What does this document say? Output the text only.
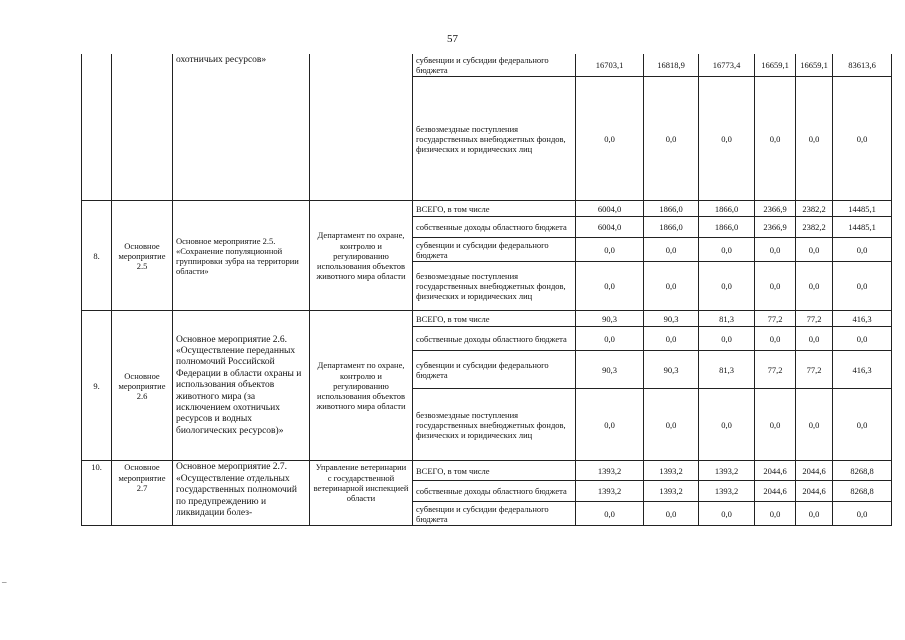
57
		охотничьих ресурсов»		субвенции и субсидии федерального бюджета	16703,1	16818,9	16773,4	16659,1	16659,1	83613,6
				безвозмездные поступления государственных внебюджетных фондов, физических и юридических лиц	0,0	0,0	0,0	0,0	0,0	0,0
8.	Основное мероприятие 2.5	Основное мероприятие 2.5. «Сохранение популяционной группировки зубра на территории области»	Департамент по охране, контролю и регулированию использования объектов животного мира области	ВСЕГО, в том числе	6004,0	1866,0	1866,0	2366,9	2382,2	14485,1
				собственные доходы областного бюджета	6004,0	1866,0	1866,0	2366,9	2382,2	14485,1
				субвенции и субсидии федерального бюджета	0,0	0,0	0,0	0,0	0,0	0,0
				безвозмездные поступления государственных внебюджетных фондов, физических и юридических лиц	0,0	0,0	0,0	0,0	0,0	0,0
9.	Основное мероприятие 2.6	Основное мероприятие 2.6. «Осуществление переданных полномочий Российской Федерации в области охраны и использования объектов животного мира (за исключением охотничьих ресурсов и водных биологических ресурсов)»	Департамент по охране, контролю и регулированию использования объектов животного мира области	ВСЕГО, в том числе	90,3	90,3	81,3	77,2	77,2	416,3
				собственные доходы областного бюджета	0,0	0,0	0,0	0,0	0,0	0,0
				субвенции и субсидии федерального бюджета	90,3	90,3	81,3	77,2	77,2	416,3
				безвозмездные поступления государственных внебюджетных фондов, физических и юридических лиц	0,0	0,0	0,0	0,0	0,0	0,0
10.	Основное мероприятие 2.7	Основное мероприятие 2.7. «Осуществление отдельных государственных полномочий по предупреждению и ликвидации болез-	Управление ветеринарии с государственной ветеринарной инспекцией области	ВСЕГО, в том числе	1393,2	1393,2	1393,2	2044,6	2044,6	8268,8
				собственные доходы областного бюджета	1393,2	1393,2	1393,2	2044,6	2044,6	8268,8
				субвенции и субсидии федерального бюджета	0,0	0,0	0,0	0,0	0,0	0,0
–
